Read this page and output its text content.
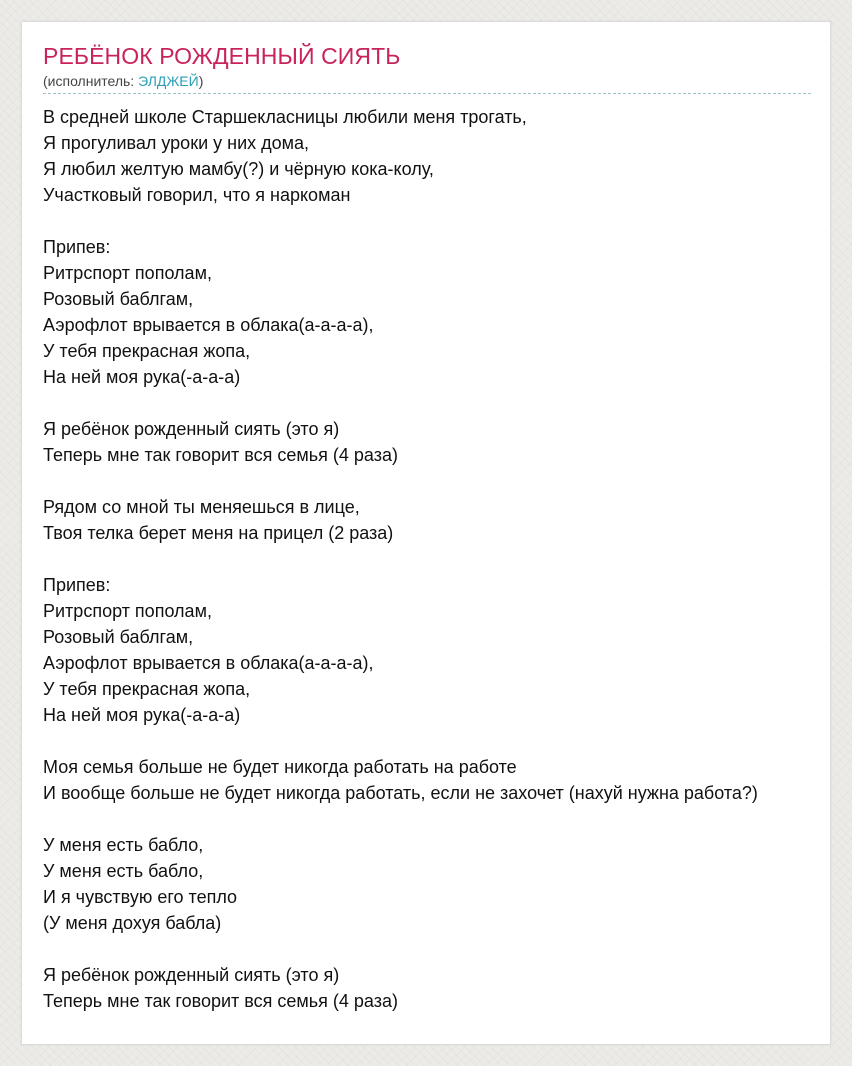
РЕБЁНОК РОЖДЕННЫЙ СИЯТЬ
(исполнитель: ЭЛДЖЕЙ)
В средней школе Старшекласницы любили меня трогать,
Я прогуливал уроки у них дома,
Я любил желтую мамбу(?) и чёрную кока-колу,
Участковый говорил, что я наркоман
Припев:
Ритрспорт пополам,
Розовый баблгам,
Аэрофлот врывается в облака(а-а-а-а),
У тебя прекрасная жопа,
На ней моя рука(-а-а-а)
Я ребёнок рожденный сиять (это я)
Теперь мне так говорит вся семья (4 раза)
Рядом со мной ты меняешься в лице,
Твоя телка берет меня на прицел (2 раза)
Припев:
Ритрспорт пополам,
Розовый баблгам,
Аэрофлот врывается в облака(а-а-а-а),
У тебя прекрасная жопа,
На ней моя рука(-а-а-а)
Моя семья больше не будет никогда работать на работе
И вообще больше не будет никогда работать, если не захочет (нахуй нужна работа?)
У меня есть бабло,
У меня есть бабло,
И я чувствую его тепло
(У меня дохуя бабла)
Я ребёнок рожденный сиять (это я)
Теперь мне так говорит вся семья (4 раза)
